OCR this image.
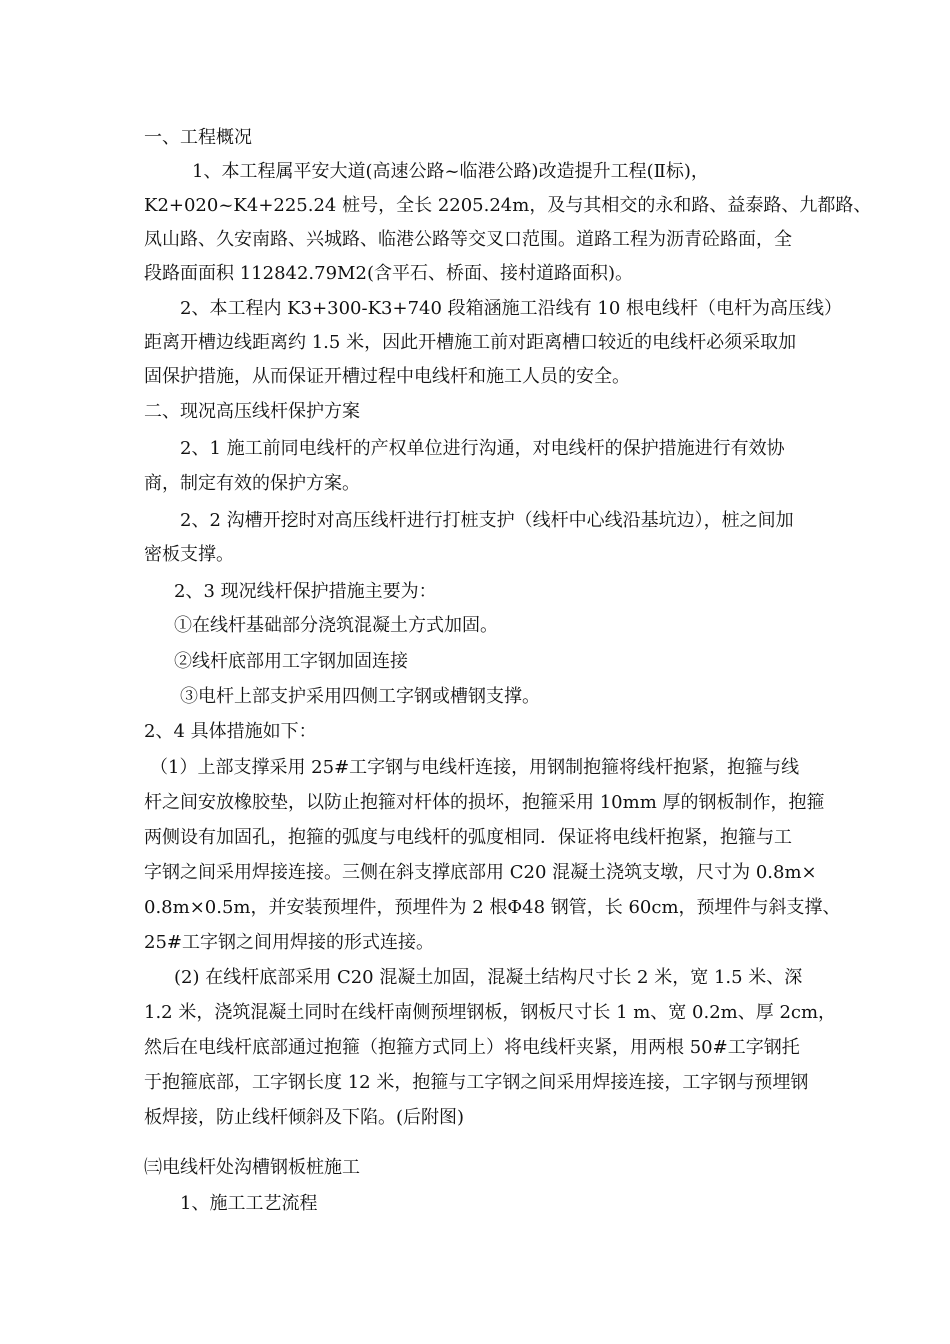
一、工程概况
1、本工程属平安大道(高速公路~临港公路)改造提升工程(Ⅱ标)，
K2+020~K4+225.24 桩号，全长 2205.24m，及与其相交的永和路、益泰路、九都路、
凤山路、久安南路、兴城路、临港公路等交叉口范围。道路工程为沥青砼路面，全
段路面面积 112842.79M2(含平石、桥面、接村道路面积)。
2、本工程内 K3+300-K3+740 段箱涵施工沿线有 10 根电线杆（电杆为高压线）
距离开槽边线距离约 1.5 米，因此开槽施工前对距离槽口较近的电线杆必须采取加
固保护措施，从而保证开槽过程中电线杆和施工人员的安全。
二、现况高压线杆保护方案
2、1 施工前同电线杆的产权单位进行沟通，对电线杆的保护措施进行有效协
商，制定有效的保护方案。
2、2 沟槽开挖时对高压线杆进行打桩支护（线杆中心线沿基坑边），桩之间加
密板支撑。
2、3 现况线杆保护措施主要为：
①在线杆基础部分浇筑混凝土方式加固。
②线杆底部用工字钢加固连接
③电杆上部支护采用四侧工字钢或槽钢支撑。
2、4 具体措施如下：
（1）上部支撑采用 25#工字钢与电线杆连接，用钢制抱箍将线杆抱紧，抱箍与线
杆之间安放橡胶垫，以防止抱箍对杆体的损坏，抱箍采用 10mm 厚的钢板制作，抱箍
两侧设有加固孔，抱箍的弧度与电线杆的弧度相同．保证将电线杆抱紧，抱箍与工
字钢之间采用焊接连接。三侧在斜支撑底部用 C20 混凝土浇筑支墩，尺寸为 0.8m×
0.8m×0.5m，并安装预埋件，预埋件为 2 根Φ48 钢管，长 60cm，预埋件与斜支撑、
25#工字钢之间用焊接的形式连接。
(2) 在线杆底部采用 C20 混凝土加固，混凝土结构尺寸长 2 米，宽 1.5 米、深
1.2 米，浇筑混凝土同时在线杆南侧预埋钢板，钢板尺寸长 1 m、宽 0.2m、厚 2cm，
然后在电线杆底部通过抱箍（抱箍方式同上）将电线杆夹紧，用两根 50#工字钢托
于抱箍底部，工字钢长度 12 米，抱箍与工字钢之间采用焊接连接，工字钢与预埋钢
板焊接，防止线杆倾斜及下陷。(后附图)
㈢电线杆处沟槽钢板桩施工
1、施工工艺流程
